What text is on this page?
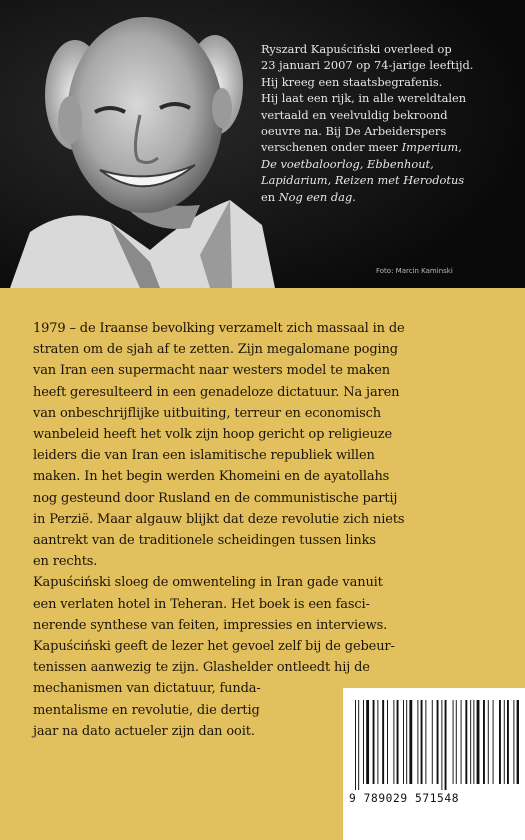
Ryszard Kapuściński overleed op

23 januari 2007 op 74-jarige leeftijd.

Hij kreeg een staatsbegrafenis.

Hij laat een rijk, in alle wereldtalen

vertaald en veelvuldig bekroond

oeuvre na. Bij De Arbeiderspers

verschenen onder meer Imperium,

De voetbaloorlog, Ebbenhout,

Lapidarium, Reizen met Herodotus

en Nog een dag.

Foto: Marcin Kaminski
1979 – de Iraanse bevolking verzamelt zich massaal in de
straten om de sjah af te zetten. Zijn megalomane poging
van Iran een supermacht naar westers model te maken
heeft geresulteerd in een genadeloze dictatuur. Na jaren
van onbeschrijflijke uitbuiting, terreur en economisch
wanbeleid heeft het volk zijn hoop gericht op religieuze
leiders die van Iran een islamitische republiek willen
maken. In het begin werden Khomeini en de ayatollahs
nog gesteund door Rusland en de communistische partij
in Perzië. Maar algauw blijkt dat deze revolutie zich niets
aantrekt van de traditionele scheidingen tussen links
en rechts.
Kapuściński sloeg de omwenteling in Iran gade vanuit
een verlaten hotel in Teheran. Het boek is een fasci-
nerende synthese van feiten, impressies en interviews.
Kapuściński geeft de lezer het gevoel zelf bij de gebeur-
tenissen aanwezig te zijn. Glashelder ontleedt hij de
mechanismen van dictatuur, funda-
mentalisme en revolutie, die dertig
jaar na dato actueler zijn dan ooit.
9 789029 571548
